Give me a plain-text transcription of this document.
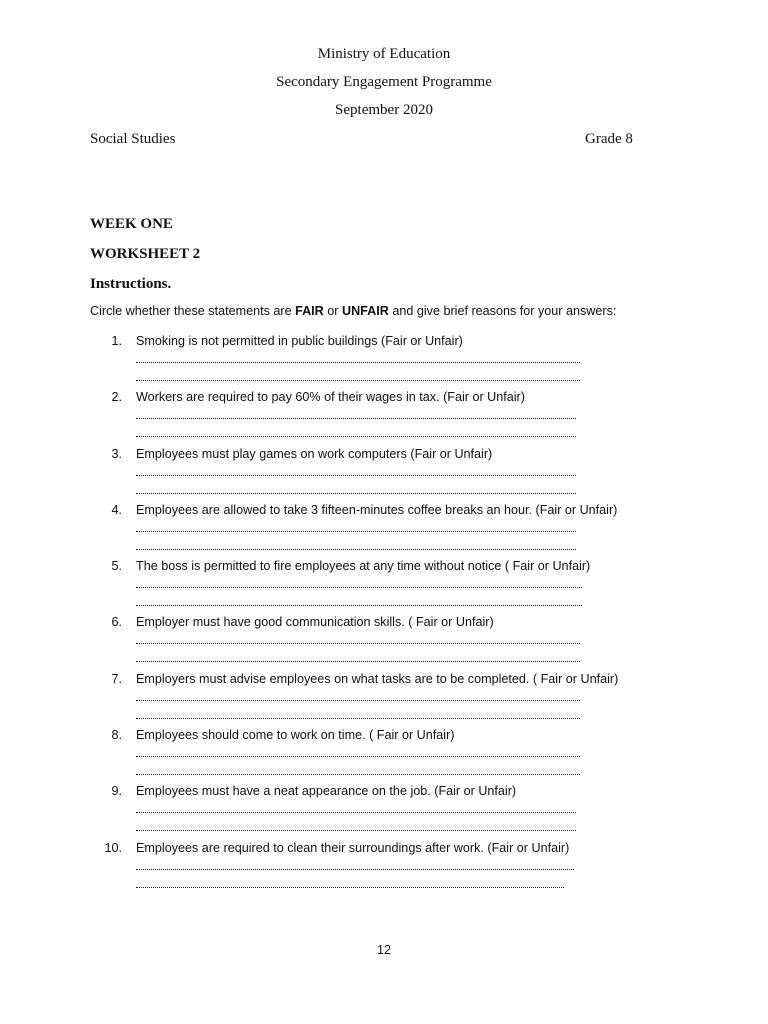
Ministry of Education
Secondary Engagement Programme
September 2020
Social Studies	Grade 8
WEEK ONE
WORKSHEET 2
Instructions.
Circle whether these statements are FAIR or UNFAIR and give brief reasons for your answers:
1. Smoking is not permitted in public buildings (Fair or Unfair)
2. Workers are required to pay 60% of their wages in tax. (Fair or Unfair)
3. Employees must play games on work computers (Fair or Unfair)
4. Employees are allowed to take 3 fifteen-minutes coffee breaks an hour. (Fair or Unfair)
5. The boss is permitted to fire employees at any time without notice ( Fair or Unfair)
6. Employer must have good communication skills. ( Fair or Unfair)
7. Employers must advise employees on what tasks are to be completed. ( Fair or Unfair)
8. Employees should come to work on time. ( Fair or Unfair)
9. Employees must have a neat appearance on the job. (Fair or Unfair)
10. Employees are required to clean their surroundings after work. (Fair or Unfair)
12
